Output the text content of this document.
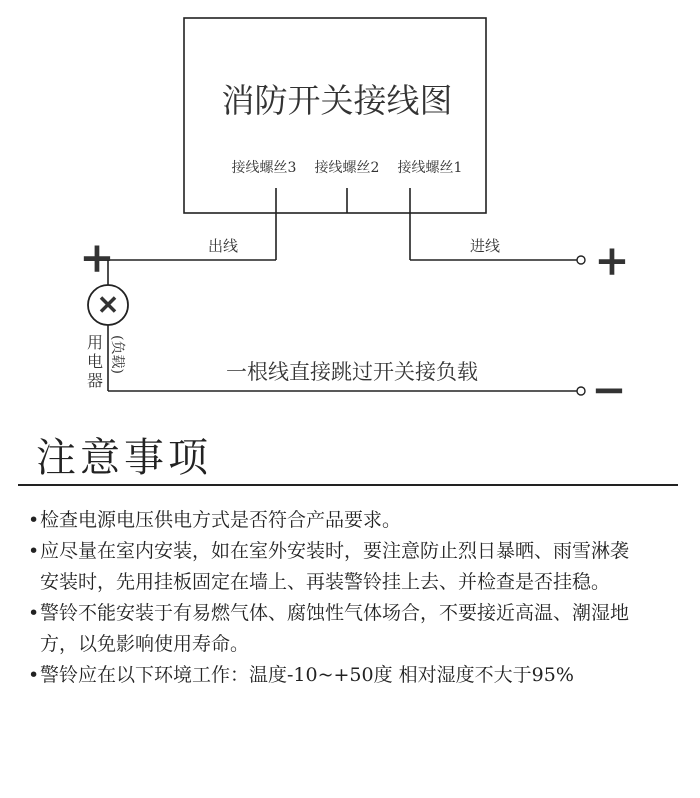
消防开关接线图
接线螺丝3 接线螺丝2 接线螺丝1
出线
+	进线 +
✕
用
电
器
(负载)	一根线直接跳过开关接负载	−
注意事项
• 检查电源电压供电方式是否符合产品要求。
• 应尽量在室内安装，如在室外安装时，要注意防止烈日暴晒、雨雪淋袭
安装时，先用挂板固定在墙上、再装警铃挂上去、并检查是否挂稳。
• 警铃不能安装于有易燃气体、腐蚀性气体场合，不要接近高温、潮湿地
方，以免影响使用寿命。
• 警铃应在以下环境工作：温度-10~+50度 相对湿度不大于95%
